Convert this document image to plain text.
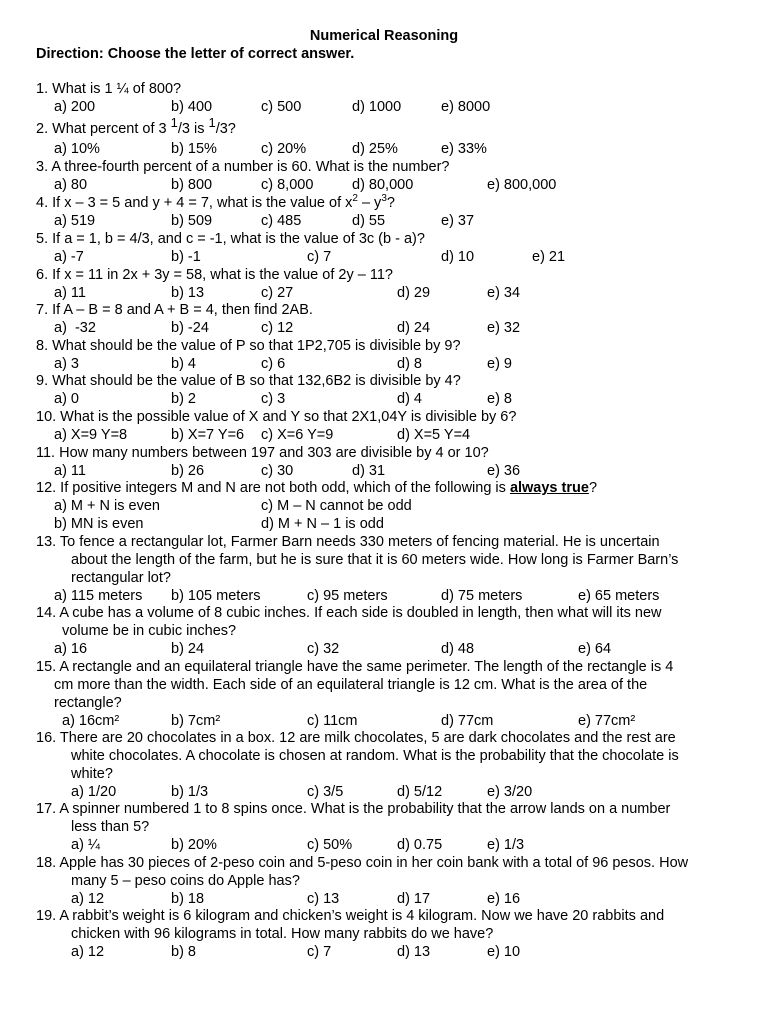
Numerical Reasoning
Direction: Choose the letter of correct answer.
1. What is 1 ¼ of 800?
a) 200	b) 400	c) 500	d) 1000	e) 8000
2. What percent of 3 1/3 is 1/3?
a) 10%	b) 15%	c) 20%	d) 25%	e) 33%
3. A three-fourth percent of a number is 60. What is the number?
a) 80	b) 800	c) 8,000	d) 80,000	e) 800,000
4. If x – 3 = 5 and y + 4 = 7, what is the value of $x^2 - y^3$?
a) 519	b) 509	c) 485	d) 55	e) 37
5. If a = 1, b = 4/3, and c = -1, what is the value of 3c (b - a)?
a) -7	b) -1	c) 7	d) 10	e) 21
6. If x = 11 in 2x + 3y = 58, what is the value of 2y – 11?
a) 11	b) 13	c) 27	d) 29	e) 34
7. If A – B = 8 and A + B = 4, then find 2AB.
a)  -32	b) -24	c) 12	d) 24	e) 32
8. What should be the value of P so that 1P2,705 is divisible by 9?
a) 3	b) 4	c) 6	d) 8	e) 9
9. What should be the value of B so that 132,6B2 is divisible by 4?
a) 0	b) 2	c) 3	d) 4	e) 8
10. What is the possible value of X and Y so that 2X1,04Y is divisible by 6?
a) X=9 Y=8	b) X=7 Y=6 c) X=6 Y=9	d) X=5 Y=4
11. How many numbers between 197 and 303 are divisible by 4 or 10?
a) 11	b) 26	c) 30	d) 31	e) 36
12. If positive integers M and N are not both odd, which of the following is always true?
a) M + N is even	c) M – N cannot be odd
b) MN is even	d) M + N – 1 is odd
13. To fence a rectangular lot, Farmer Barn needs 330 meters of fencing material. He is uncertain
about the length of the farm, but he is sure that it is 60 meters wide. How long is Farmer Barn’s
rectangular lot?
a) 115 meters b) 105 meters	c) 95 meters	d) 75 meters	e) 65 meters
14. A cube has a volume of 8 cubic inches. If each side is doubled in length, then what will its new
volume be in cubic inches?
a) 16	b) 24	c) 32	d) 48	e) 64
15. A rectangle and an equilateral triangle have the same perimeter. The length of the rectangle is 4
cm more than the width. Each side of an equilateral triangle is 12 cm. What is the area of the
rectangle?
a) 16cm²	b) 7cm²	c) 11cm	d) 77cm	e) 77cm²
16. There are 20 chocolates in a box. 12 are milk chocolates, 5 are dark chocolates and the rest are
white chocolates. A chocolate is chosen at random. What is the probability that the chocolate is
white?
a) 1/20	b) 1/3	c) 3/5	d) 5/12	e) 3/20
17. A spinner numbered 1 to 8 spins once. What is the probability that the arrow lands on a number
less than 5?
a) ¼	b) 20%	c) 50%	d) 0.75	e) 1/3
18. Apple has 30 pieces of 2-peso coin and 5-peso coin in her coin bank with a total of 96 pesos. How
many 5 – peso coins do Apple has?
a) 12	b) 18	c) 13	d) 17	e) 16
19. A rabbit’s weight is 6 kilogram and chicken’s weight is 4 kilogram. Now we have 20 rabbits and
chicken with 96 kilograms in total. How many rabbits do we have?
a) 12	b) 8	c) 7	d) 13	e) 10
